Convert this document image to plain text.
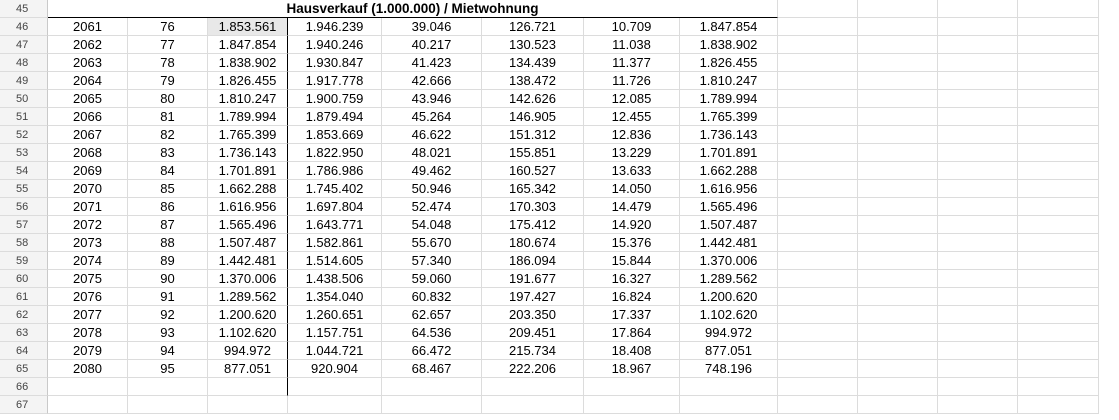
45	Hausverkauf (1.000.000) / Mietwohnung
46	2061	76	1.853.561	1.946.239	39.046	126.721	10.709	1.847.854
47	2062	77	1.847.854	1.940.246	40.217	130.523	11.038	1.838.902
48	2063	78	1.838.902	1.930.847	41.423	134.439	11.377	1.826.455
49	2064	79	1.826.455	1.917.778	42.666	138.472	11.726	1.810.247
50	2065	80	1.810.247	1.900.759	43.946	142.626	12.085	1.789.994
51	2066	81	1.789.994	1.879.494	45.264	146.905	12.455	1.765.399
52	2067	82	1.765.399	1.853.669	46.622	151.312	12.836	1.736.143
53	2068	83	1.736.143	1.822.950	48.021	155.851	13.229	1.701.891
54	2069	84	1.701.891	1.786.986	49.462	160.527	13.633	1.662.288
55	2070	85	1.662.288	1.745.402	50.946	165.342	14.050	1.616.956
56	2071	86	1.616.956	1.697.804	52.474	170.303	14.479	1.565.496
57	2072	87	1.565.496	1.643.771	54.048	175.412	14.920	1.507.487
58	2073	88	1.507.487	1.582.861	55.670	180.674	15.376	1.442.481
59	2074	89	1.442.481	1.514.605	57.340	186.094	15.844	1.370.006
60	2075	90	1.370.006	1.438.506	59.060	191.677	16.327	1.289.562
61	2076	91	1.289.562	1.354.040	60.832	197.427	16.824	1.200.620
62	2077	92	1.200.620	1.260.651	62.657	203.350	17.337	1.102.620
63	2078	93	1.102.620	1.157.751	64.536	209.451	17.864	994.972
64	2079	94	994.972	1.044.721	66.472	215.734	18.408	877.051
65	2080	95	877.051	920.904	68.467	222.206	18.967	748.196
66
67
